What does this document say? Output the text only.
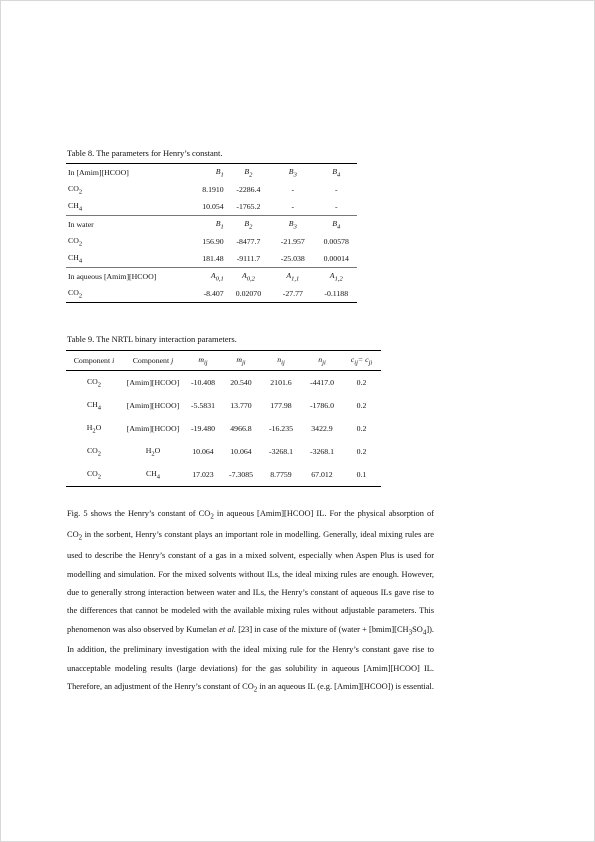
Table 8. The parameters for Henry’s constant.
In [Amim][HCOO]	$B_1$	$B_2$	$B_3$	$B_4$
$CO_2$	8.1910	-2286.4	-	-
$CH_4$	10.054	-1765.2	-	-
In water	$B_1$	$B_2$	$B_3$	$B_4$
$CO_2$	156.90	-8477.7	-21.957	0.00578
$CH_4$	181.48	-9111.7	-25.038	0.00014
In aqueous [Amim][HCOO]	$A_{0,1}$	$A_{0,2}$	$A_{1,1}$	$A_{1,2}$
$CO_2$	-8.407	0.02070	-27.77	-0.1188
Table 9. The NRTL binary interaction parameters.
Component i	Component j	$m_{ij}$	$m_{ji}$	$n_{ij}$	$n_{ji}$	$c_{ij}= c_{ji}$
$CO_2$	[Amim][HCOO]	-10.408	20.540	2101.6	-4417.0	0.2
$CH_4$	[Amim][HCOO]	-5.5831	13.770	177.98	-1786.0	0.2
$H_2O$	[Amim][HCOO]	-19.480	4966.8	-16.235	3422.9	0.2
$CO_2$	$H_2O$	10.064	10.064	-3268.1	-3268.1	0.2
$CO_2$	$CH_4$	17.023	-7.3085	8.7759	67.012	0.1

Fig. 5 shows the Henry’s constant of $CO_2$ in aqueous [Amim][HCOO] IL. For the physical absorption of $CO_2$ in the sorbent, Henry’s constant plays an important role in modelling. Generally, ideal mixing rules are used to describe the Henry’s constant of a gas in a mixed solvent, especially when Aspen Plus is used for modelling and simulation. For the mixed solvents without ILs, the ideal mixing rules are enough. However, due to generally strong interaction between water and ILs, the Henry’s constant of aqueous ILs gave rise to the differences that cannot be modeled with the available mixing rules without adjustable parameters. This phenomenon was also observed by Kumelan et al. [23] in case of the mixture of (water + $[bmim][CH_3SO_4]$). In addition, the preliminary investigation with the ideal mixing rule for the Henry’s constant gave rise to unacceptable modeling results (large deviations) for the gas solubility in aqueous [Amim][HCOO] IL. Therefore, an adjustment of the Henry’s constant of $CO_2$ in an aqueous IL (e.g. [Amim][HCOO]) is essential.
